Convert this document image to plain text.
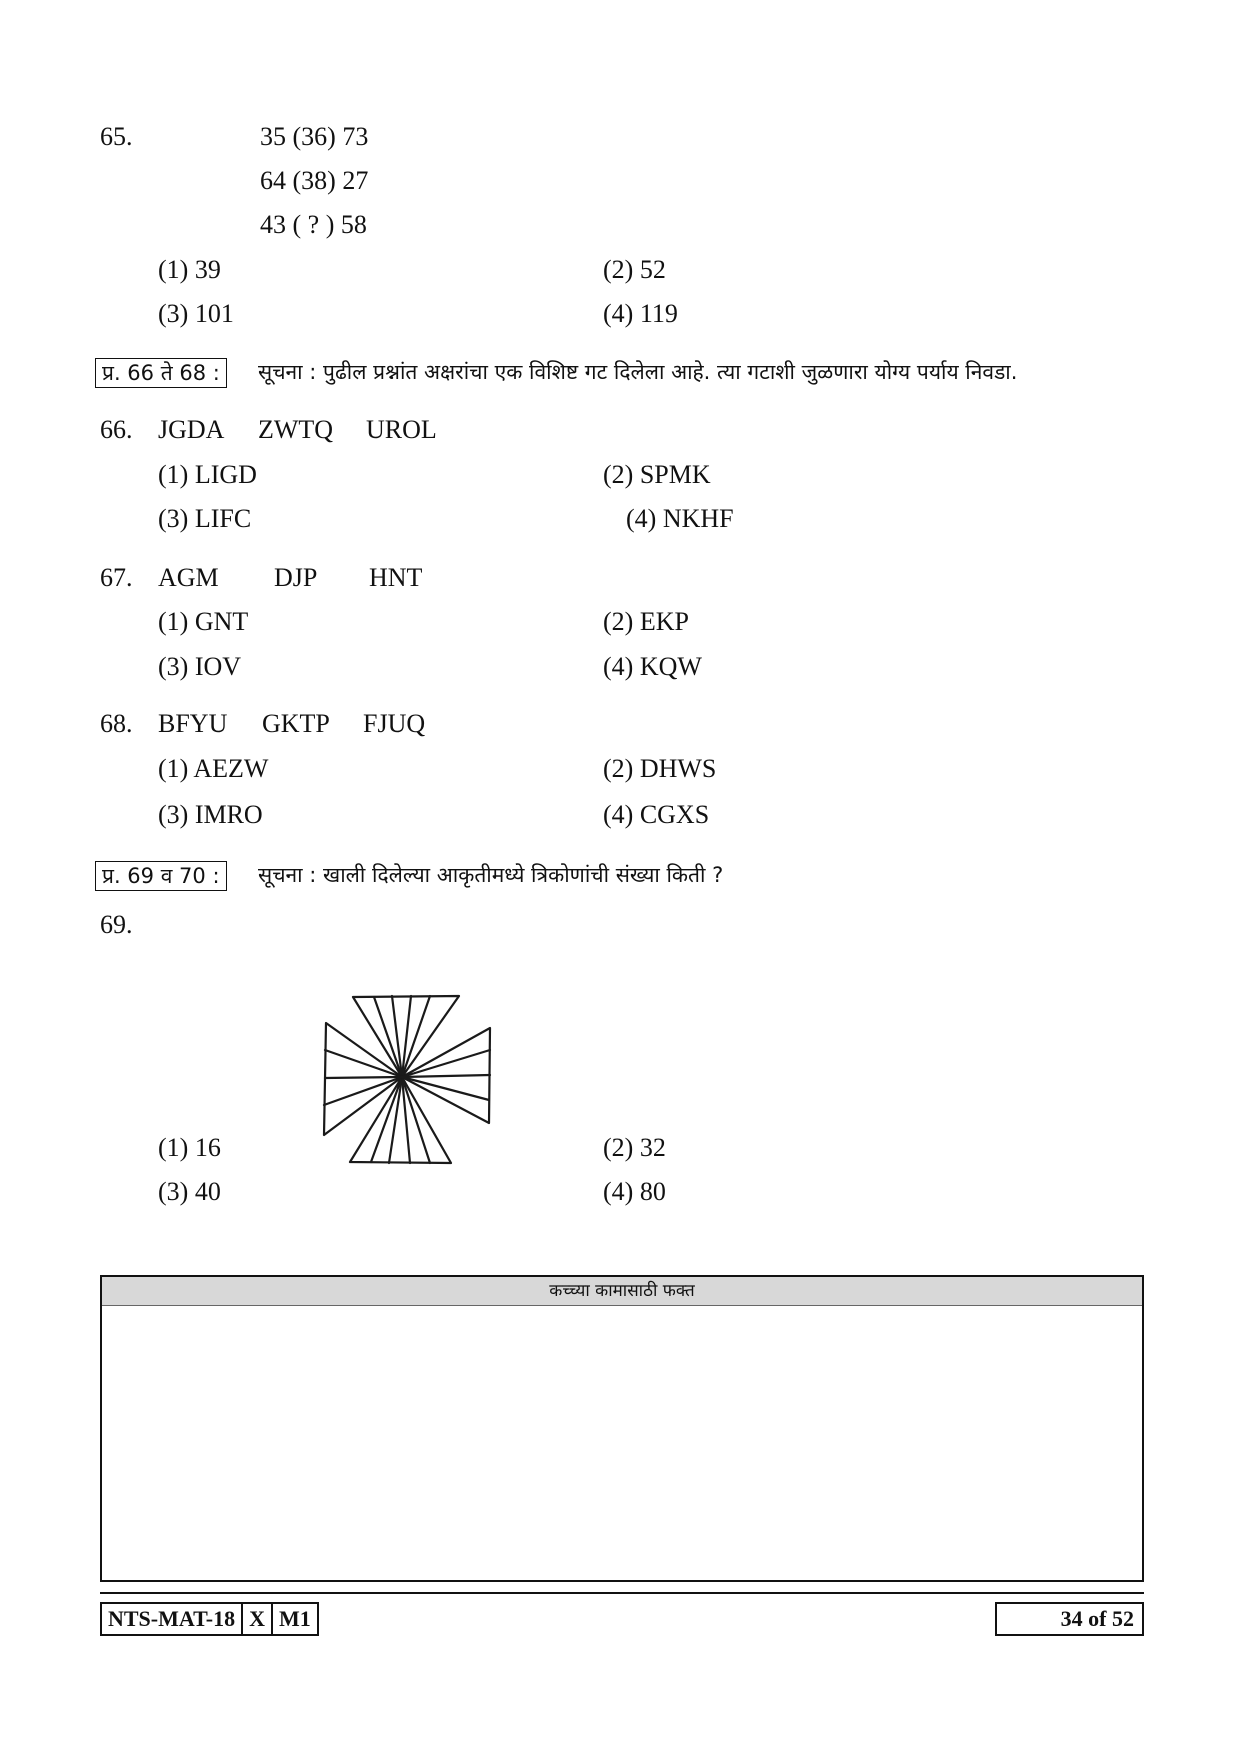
65.	35 (36) 73
64 (38) 27
43 ( ? ) 58
(1) 39	(2) 52
(3) 101	(4) 119
प्र. 66 ते 68 :	सूचना : पुढील प्रश्नांत अक्षरांचा एक विशिष्ट गट दिलेला आहे. त्या गटाशी जुळणारा योग्य पर्याय निवडा.
66. JGDA ZWTQ UROL
(1) LIGD	(2) SPMK
(3) LIFC	(4) NKHF
67. AGM DJP HNT
(1) GNT	(2) EKP
(3) IOV	(4) KQW
68. BFYU GKTP FJUQ
(1) AEZW	(2) DHWS
(3) IMRO	(4) CGXS
प्र. 69 व 70 :	सूचना : खाली दिलेल्या आकृतीमध्ये त्रिकोणांची संख्या किती ?
69.
(1) 16	(2) 32
(3) 40	(4) 80
कच्च्या कामासाठी फक्त
NTS-MAT-18 X M1	34 of 52
